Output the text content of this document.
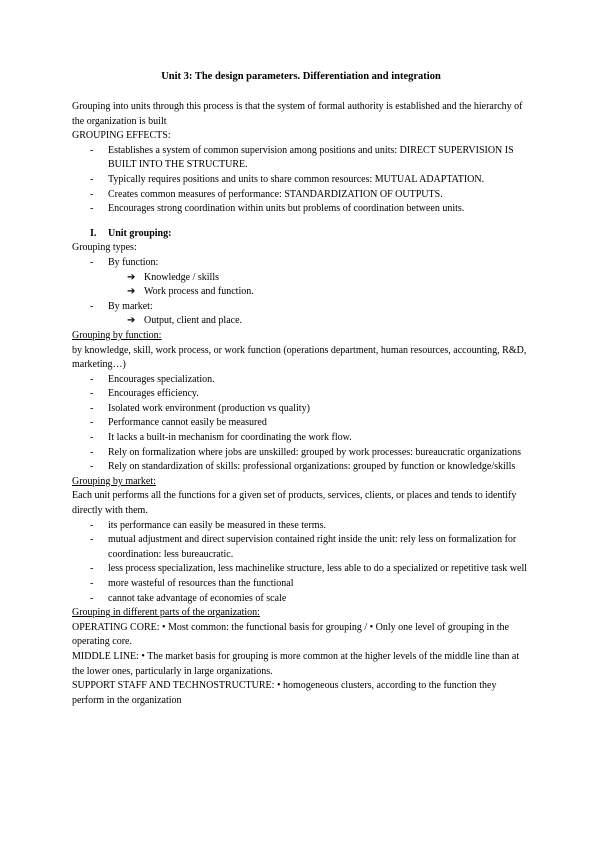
Unit 3: The design parameters. Differentiation and integration

Grouping into units through this process is that the system of formal authority is established and the hierarchy of the organization is built

GROUPING EFFECTS:

- Establishes a system of common supervision among positions and units: DIRECT SUPERVISION IS BUILT INTO THE STRUCTURE.
- Typically requires positions and units to share common resources: MUTUAL ADAPTATION.
- Creates common measures of performance: STANDARDIZATION OF OUTPUTS.
- Encourages strong coordination within units but problems of coordination between units.
I. Unit grouping:

Grouping types:

- By function:
➔ Knowledge / skills
➔ Work process and function.
- By market:
➔ Output, client and place.

Grouping by function:

by knowledge, skill, work process, or work function (operations department, human resources, accounting, R&D, marketing…)

- Encourages specialization.
- Encourages efficiency.
- Isolated work environment (production vs quality)
- Performance cannot easily be measured
- It lacks a built-in mechanism for coordinating the work flow.
- Rely on formalization where jobs are unskilled: grouped by work processes: bureaucratic organizations
- Rely on standardization of skills: professional organizations: grouped by function or knowledge/skills

Grouping by market:

Each unit performs all the functions for a given set of products, services, clients, or places and tends to identify directly with them.

- its performance can easily be measured in these terms.
- mutual adjustment and direct supervision contained right inside the unit: rely less on formalization for coordination: less bureaucratic.
- less process specialization, less machinelike structure, less able to do a specialized or repetitive task well
- more wasteful of resources than the functional
- cannot take advantage of economies of scale

Grouping in different parts of the organization:

OPERATING CORE: • Most common: the functional basis for grouping / • Only one level of grouping in the operating core.

MIDDLE LINE: • The market basis for grouping is more common at the higher levels of the middle line than at the lower ones, particularly in large organizations.

SUPPORT STAFF AND TECHNOSTRUCTURE: • homogeneous clusters, according to the function they perform in the organization
